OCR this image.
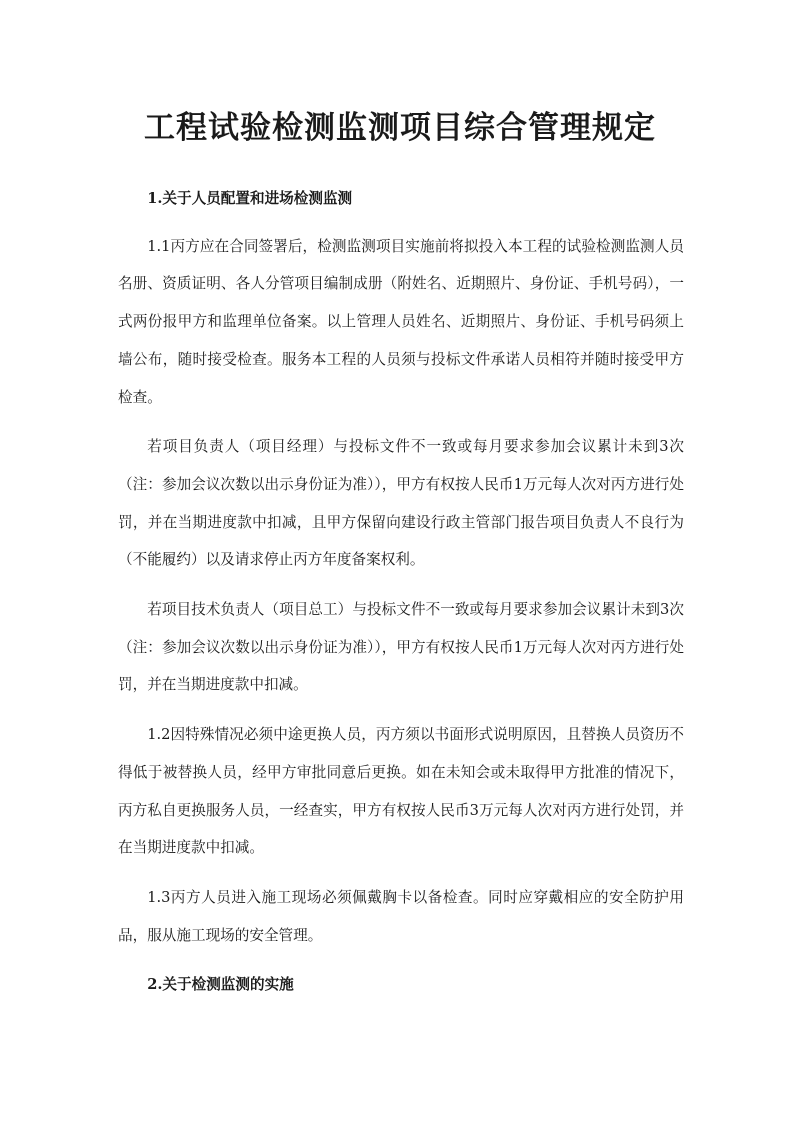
工程试验检测监测项目综合管理规定

1.关于人员配置和进场检测监测

1.1丙方应在合同签署后，检测监测项目实施前将拟投入本工程的试验检测监测人员名册、资质证明、各人分管项目编制成册（附姓名、近期照片、身份证、手机号码），一式两份报甲方和监理单位备案。以上管理人员姓名、近期照片、身份证、手机号码须上墙公布，随时接受检查。服务本工程的人员须与投标文件承诺人员相符并随时接受甲方检查。

若项目负责人（项目经理）与投标文件不一致或每月要求参加会议累计未到3次（注：参加会议次数以出示身份证为准）），甲方有权按人民币1万元每人次对丙方进行处罚，并在当期进度款中扣减，且甲方保留向建设行政主管部门报告项目负责人不良行为（不能履约）以及请求停止丙方年度备案权利。

若项目技术负责人（项目总工）与投标文件不一致或每月要求参加会议累计未到3次（注：参加会议次数以出示身份证为准）），甲方有权按人民币1万元每人次对丙方进行处罚，并在当期进度款中扣减。

1.2因特殊情况必须中途更换人员，丙方须以书面形式说明原因，且替换人员资历不得低于被替换人员，经甲方审批同意后更换。如在未知会或未取得甲方批准的情况下，丙方私自更换服务人员，一经查实，甲方有权按人民币3万元每人次对丙方进行处罚，并在当期进度款中扣减。

1.3丙方人员进入施工现场必须佩戴胸卡以备检查。同时应穿戴相应的安全防护用品，服从施工现场的安全管理。

2.关于检测监测的实施
